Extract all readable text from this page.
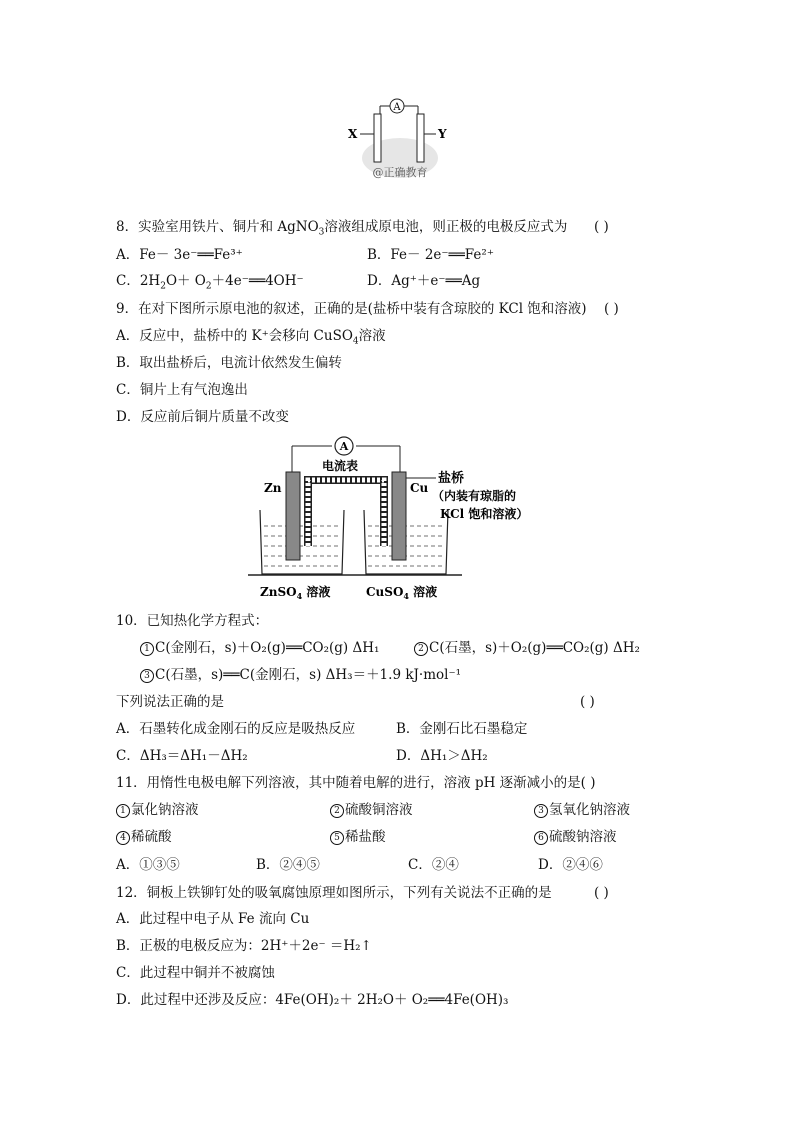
A
X	Y
@正确教育
8．实验室用铁片、铜片和 AgNO$_3$溶液组成原电池，则正极的电极反应式为 ( )
A．Fe－ 3e⁻══Fe³⁺	B．Fe－ 2e⁻══Fe²⁺
C．$2H_2O+$ $O_2+4e^-══4OH^-$	D．Ag⁺＋e⁻══Ag
9．在对下图所示原电池的叙述，正确的是(盐桥中装有含琼胶的 KCl 饱和溶液) ( )
A．反应中，盐桥中的 K⁺会移向 CuSO$_4$溶液
B．取出盐桥后，电流计依然发生偏转
C．铜片上有气泡逸出
D．反应前后铜片质量不改变
A
电流表
Zn	Cu
盐桥
（内装有琼脂的
KCl 饱和溶液）
ZnSO$_4$ 溶液	CuSO$_4$ 溶液
10．已知热化学方程式：
1 C(金刚石，s)＋O₂(g)══CO₂(g) ΔH₁	2 C(石墨，s)＋O₂(g)══CO₂(g) ΔH₂
3 C(石墨，s)══C(金刚石，s) ΔH₃＝＋1.9 kJ·mol⁻¹
下列说法正确的是	( )
A．石墨转化成金刚石的反应是吸热反应	B．金刚石比石墨稳定
C．ΔH₃＝ΔH₁－ΔH₂	D．ΔH₁＞ΔH₂
11．用惰性电极电解下列溶液，其中随着电解的进行，溶液 pH 逐渐减小的是( )
1 氯化钠溶液	2 硫酸铜溶液	3 氢氧化钠溶液
4 稀硫酸	5 稀盐酸	6 硫酸钠溶液
A．①③⑤	B．②④⑤	C．②④	D．②④⑥
12．铜板上铁铆钉处的吸氧腐蚀原理如图所示，下列有关说法不正确的是	( )
A．此过程中电子从 Fe 流向 Cu
B．正极的电极反应为：2H⁺＋2e⁻ ＝H₂↑
C．此过程中铜并不被腐蚀
D．此过程中还涉及反应：4Fe(OH)₂＋ 2H₂O＋ O₂══4Fe(OH)₃
